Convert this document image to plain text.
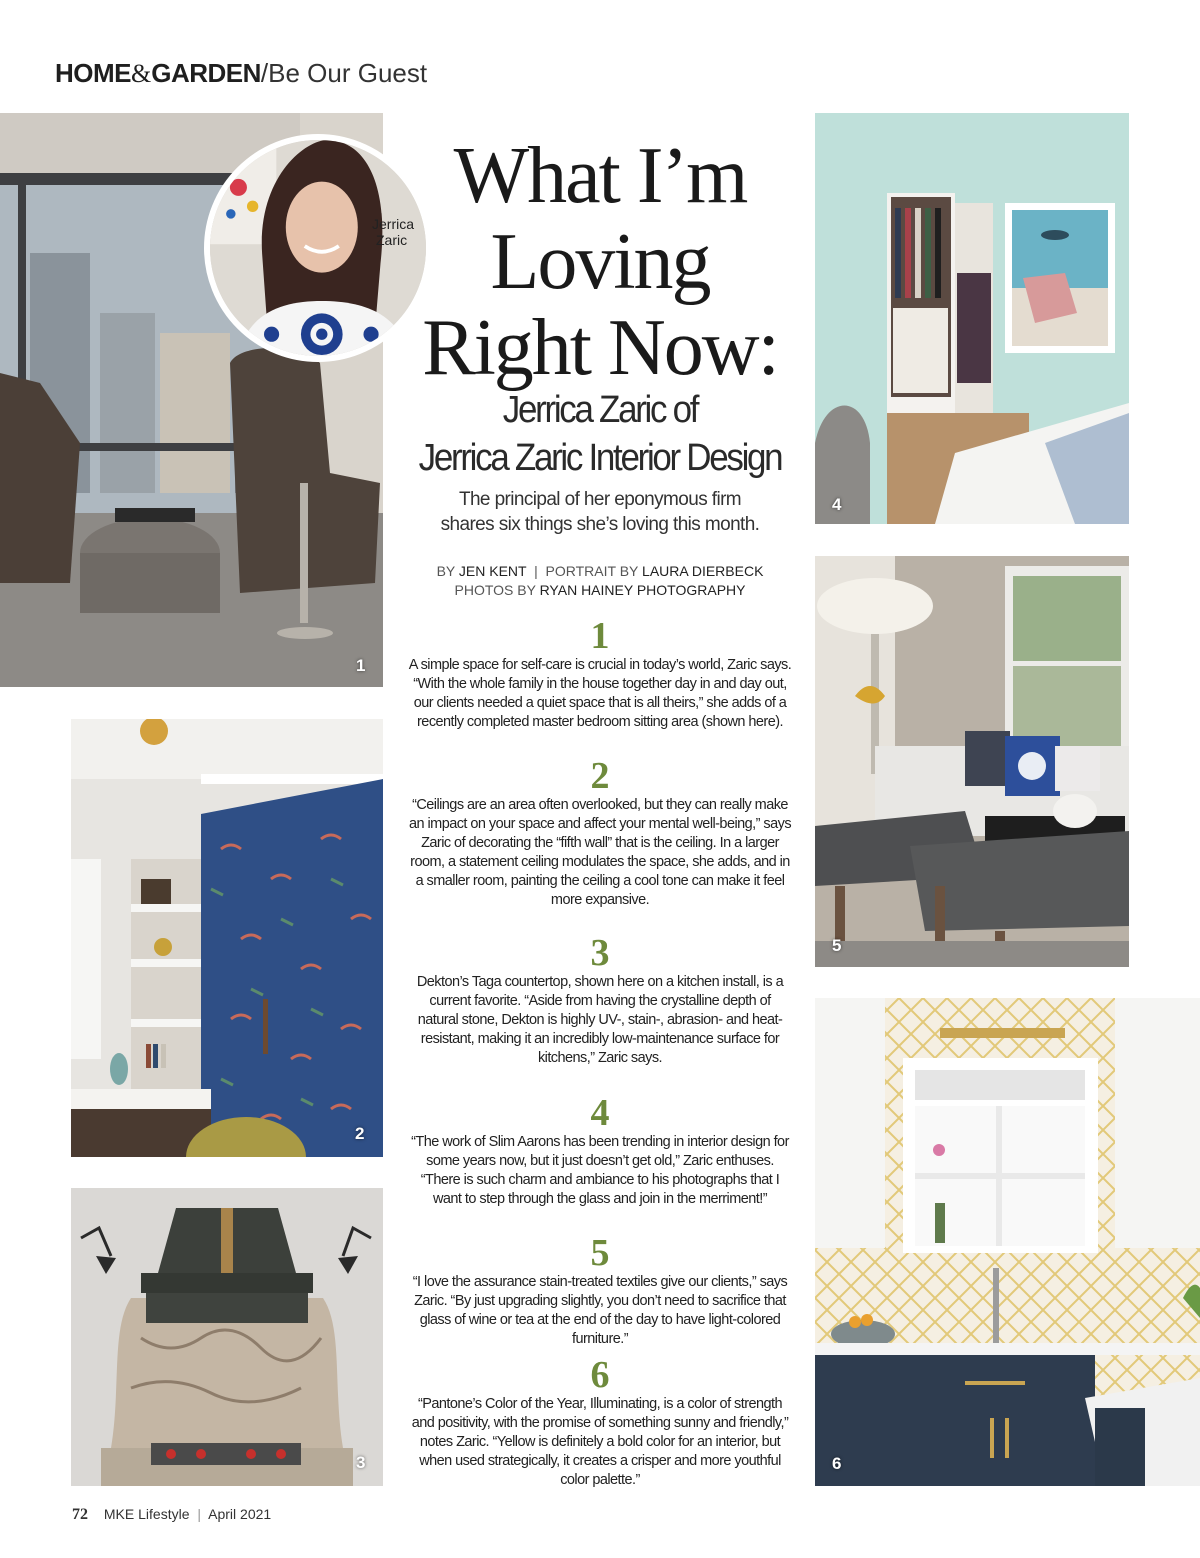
HOME&GARDEN/Be Our Guest
1
Jerrica
Zaric
2
3
4
5
6
What I’m
Loving
Right Now:
Jerrica Zaric of
Jerrica Zaric Interior Design
The principal of her eponymous firm
shares six things she’s loving this month.
BY JEN KENT | PORTRAIT BY LAURA DIERBECK
PHOTOS BY RYAN HAINEY PHOTOGRAPHY
1

A simple space for self-care is crucial in today’s world, Zaric says. “With the whole family in the house together day in and day out, our clients needed a quiet space that is all theirs,” she adds of a recently completed master bedroom sitting area (shown here).

2

“Ceilings are an area often overlooked, but they can really make an impact on your space and affect your mental well-being,” says Zaric of decorating the “fifth wall” that is the ceiling. In a larger room, a statement ceiling modulates the space, she adds, and in a smaller room, painting the ceiling a cool tone can make it feel more expansive.

3

Dekton’s Taga countertop, shown here on a kitchen install, is a current favorite. “Aside from having the crystalline depth of natural stone, Dekton is highly UV-, stain-, abrasion- and heat-resistant, making it an incredibly low-maintenance surface for kitchens,” Zaric says.

4

“The work of Slim Aarons has been trending in interior design for some years now, but it just doesn’t get old,” Zaric enthuses. “There is such charm and ambiance to his photographs that I want to step through the glass and join in the merriment!”

5

“I love the assurance stain-treated textiles give our clients,” says Zaric. “By just upgrading slightly, you don’t need to sacrifice that glass of wine or tea at the end of the day to have light-colored furniture.”

6

“Pantone’s Color of the Year, Illuminating, is a color of strength and positivity, with the promise of something sunny and friendly,” notes Zaric. “Yellow is definitely a bold color for an interior, but when used strategically, it creates a crisper and more youthful color palette.”

72 MKE Lifestyle | April 2021
